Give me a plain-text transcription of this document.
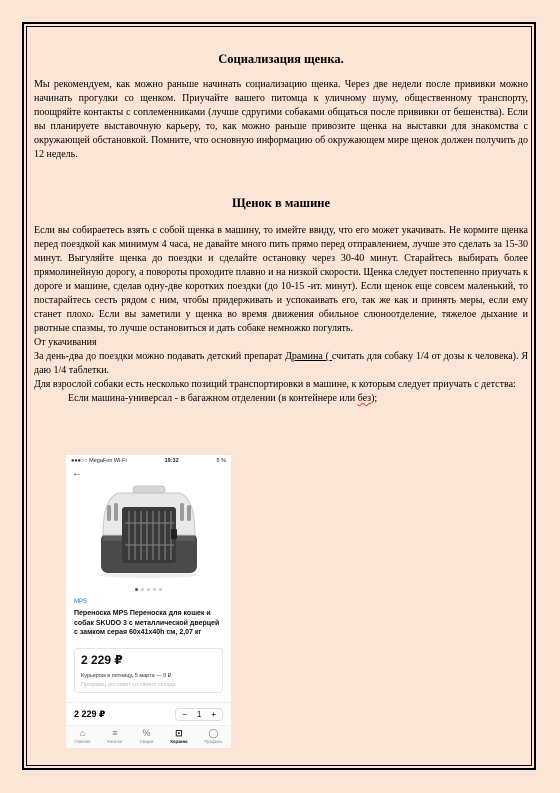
Социализация щенка.

Мы рекомендуем, как можно раньше начинать социализацию щенка. Через две недели после прививки можно начинать прогулки со щенком. Приучайте вашего питомца к уличному шуму, общественному транспорту, поощряйте контакты с соплеменниками (лучше сдругими собаками общаться после прививки от бешенства). Если вы планируете выставочную карьеру, то, как можно раньше привозите щенка на выставки для знакомства с окружающей обстановкой. Помните, что основную информацию об окружающем мире щенок должен получить до 12 недель.

Щенок в машине

Если вы собираетесь взять с собой щенка в машину, то имейте ввиду, что его может укачивать. Не кормите щенка перед поездкой как минимум 4 часа, не давайте много пить прямо перед отправлением, лучше это сделать за 15-30 минут. Выгуляйте щенка до поездки и сделайте остановку через 30-40 минут. Старайтесь выбирать более прямолинейную дорогу, а повороты проходите плавно и на низкой скорости. Щенка следует постепенно приучать к дороге и машине, сделав одну-две коротких поездки (до 10-15 -ит. минут). Если щенок еще совсем маленький, то постарайтесь сесть рядом с ним, чтобы придерживать и успокаивать его, так же как и принять меры, если ему станет плохо. Если вы заметили у щенка во время движения обильное слюноотделение, тяжелое дыхание и рвотные спазмы, то лучше остановиться и дать собаке немножко погулять.

От укачивания

За день-два до поездки можно подавать детский препарат Драмина ( считать для собаку 1/4 от дозы к человека). Я даю 1/4 таблетки.

Для взрослой собаки есть несколько позиций транспортировки в машине, к которым следует приучать с детства:

Если машина-универсал - в багажном отделении (в контейнере или без);

●●●○○ MegaFon Wi-Fi	19:32	5 %
←
MPS
Переноска MPS Переноска для кошек и собак SKUDO 3 с металлической дверцей с замком серая 60x41x40h см, 2,07 кг
2 229 ₽
Курьером в пятницу, 5 марта — 0 ₽
Продавец доставит со своего склада
2 229 ₽	− 1 +
⌂
Главная
≡
Каталог
%
Скидки
⊡
Корзина
◯
Профиль
